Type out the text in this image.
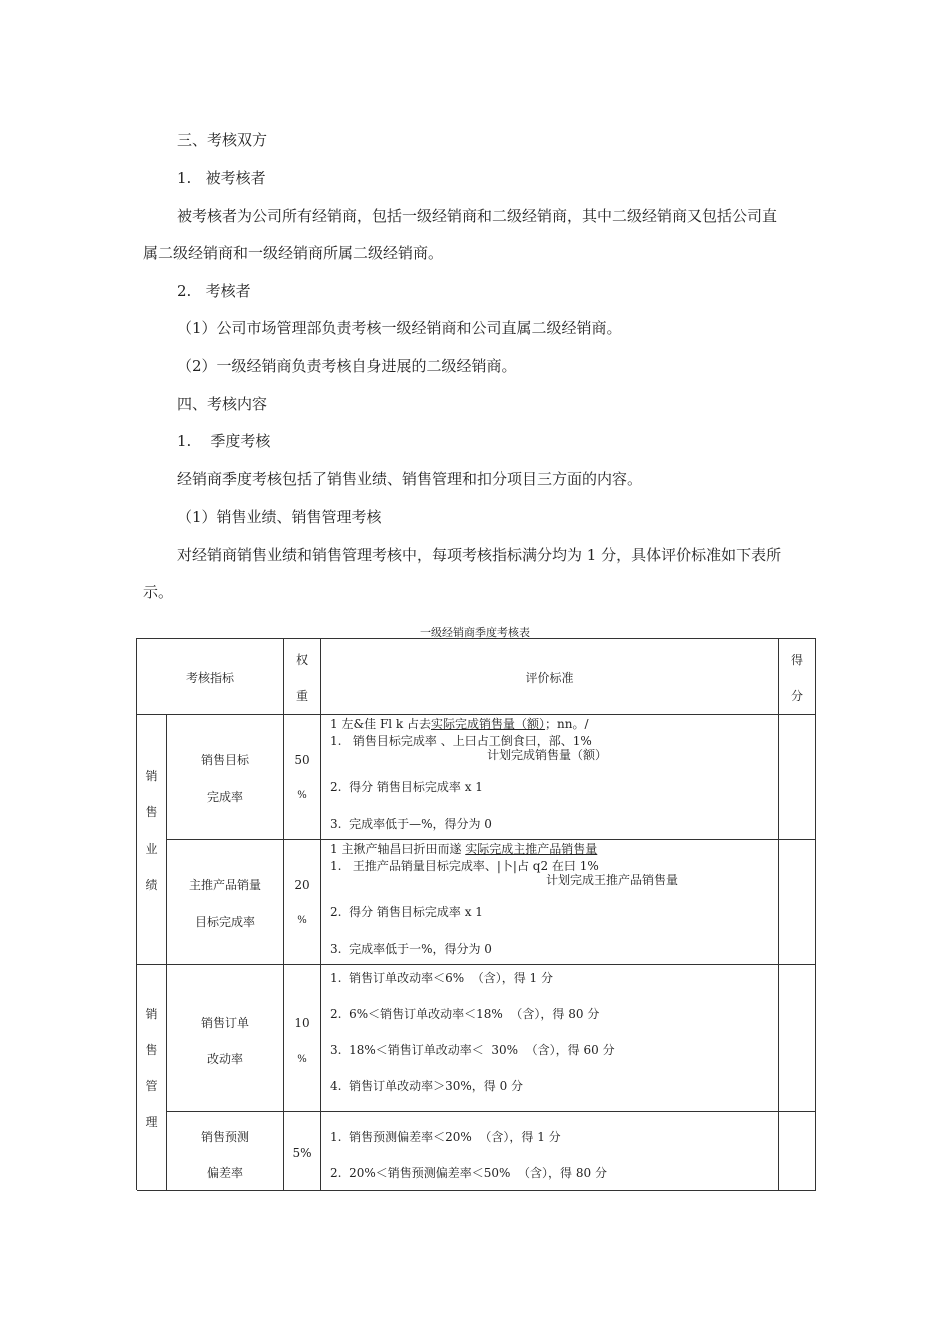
三、考核双方
1.   被考核者
被考核者为公司所有经销商，包括一级经销商和二级经销商，其中二级经销商又包括公司直
属二级经销商和一级经销商所属二级经销商。
2.   考核者
（1）公司市场管理部负责考核一级经销商和公司直属二级经销商。
（2）一级经销商负责考核自身进展的二级经销商。
四、考核内容
1.    季度考核
经销商季度考核包括了销售业绩、销售管理和扣分项目三方面的内容。
（1）销售业绩、销售管理考核
对经销商销售业绩和销售管理考核中，每项考核指标满分均为 1 分，具体评价标准如下表所
示。
一级经销商季度考核表
考核指标
权
重
评价标准
得
分
销
售
业
绩
销售目标
完成率
50
%
1 左&佳 Fl k 占去实际完成销售量（额）；nn。/
1.   销售目标完成率 、上曰占工倒食曰，部、1%
计划完成销售量（额）
2.  得分 销售目标完成率 x 1
3.  完成率低于—%，得分为 0
主推产品销量
目标完成率
20
%
1 主揪产轴昌曰折田而遂 实际完成主推产品销售量
1.   王推产品销量目标完成率、|卜|占 q2 在曰 1%
计划完成王推产品销售量
2.  得分 销售目标完成率 x 1
3.  完成率低于一%，得分为 0
销
售
管
理
销售订单
改动率
10
%
1.  销售订单改动率＜6%  （含），得 1 分
2.  6%＜销售订单改动率＜18%  （含），得 80 分
3.  18%＜销售订单改动率＜  30%  （含），得 60 分
4.  销售订单改动率＞30%，得 0 分
销售预测
偏差率
5%
1.  销售预测偏差率＜20%  （含），得 1 分
2.  20%＜销售预测偏差率＜50%  （含），得 80 分
